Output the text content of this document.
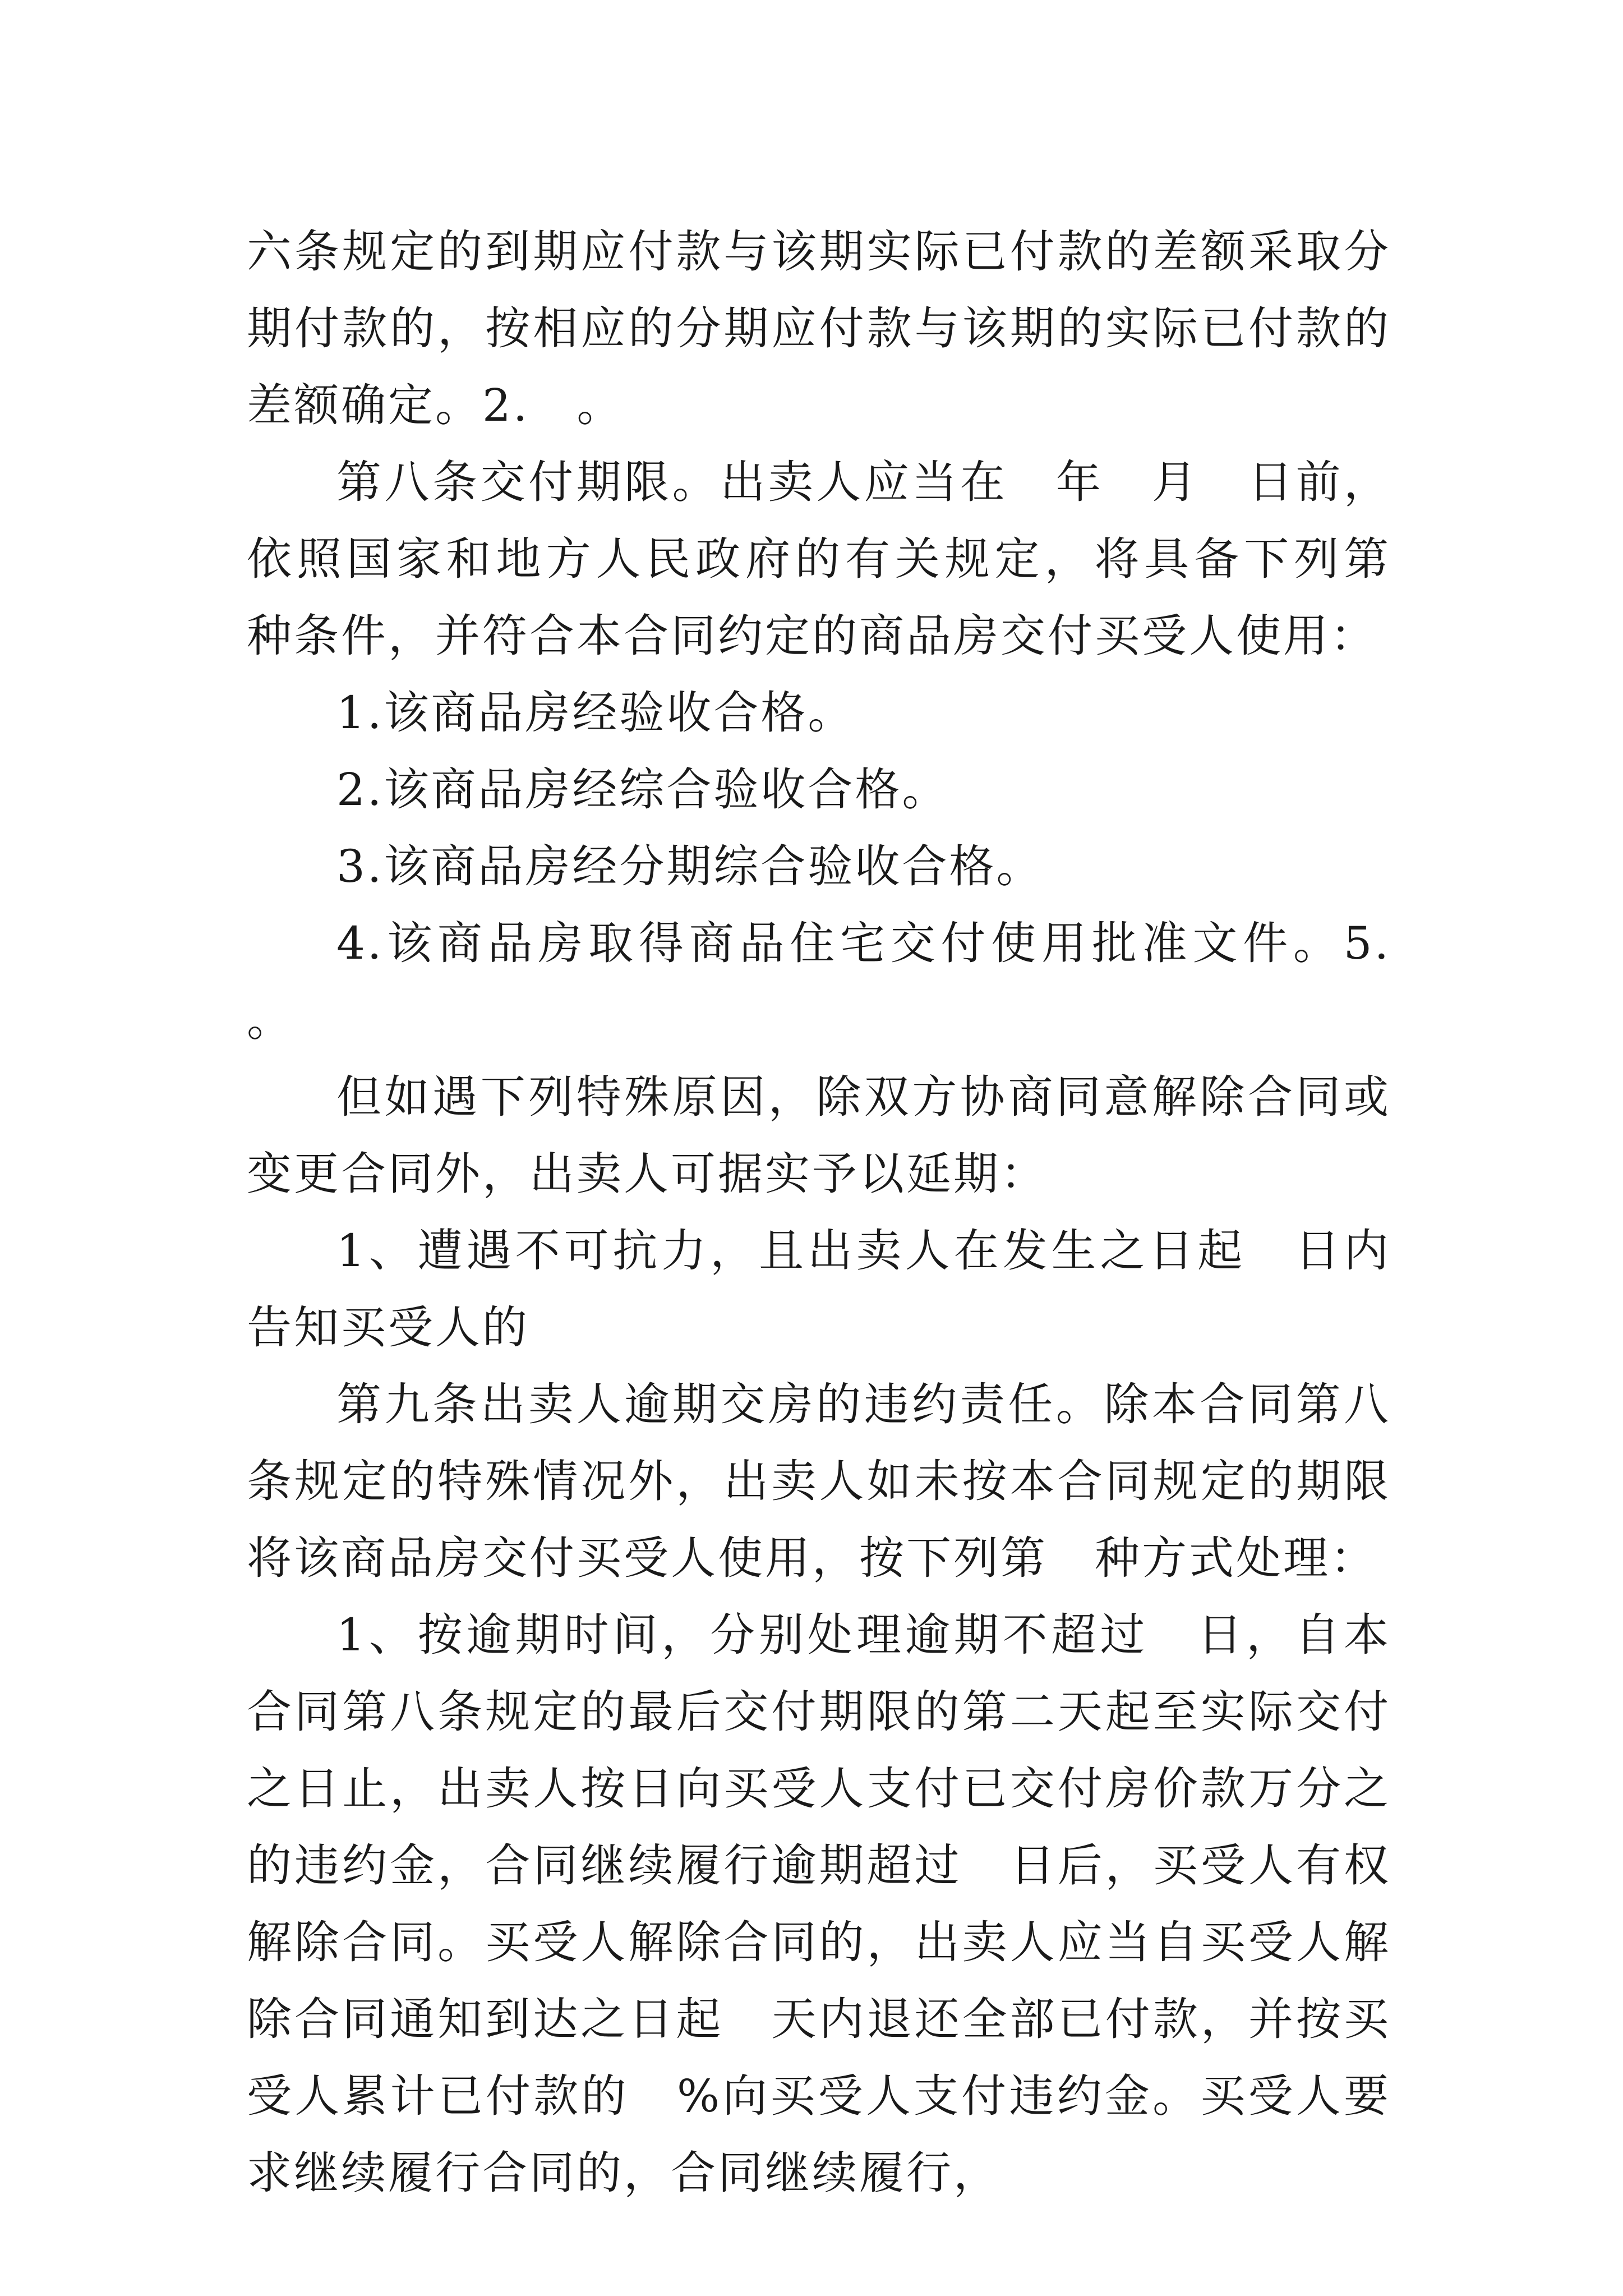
六条规定的到期应付款与该期实际已付款的差额采取分期付款的，按相应的分期应付款与该期的实际已付款的差额确定。2.　。

第八条交付期限。出卖人应当在　年　月　日前，依照国家和地方人民政府的有关规定，将具备下列第　种条件，并符合本合同约定的商品房交付买受人使用：

1.该商品房经验收合格。

2.该商品房经综合验收合格。

3.该商品房经分期综合验收合格。

4.该商品房取得商品住宅交付使用批准文件。5.　。

但如遇下列特殊原因，除双方协商同意解除合同或变更合同外，出卖人可据实予以延期：

1、遭遇不可抗力，且出卖人在发生之日起　日内告知买受人的

第九条出卖人逾期交房的违约责任。除本合同第八条规定的特殊情况外，出卖人如未按本合同规定的期限将该商品房交付买受人使用，按下列第　种方式处理：

1、按逾期时间，分别处理逾期不超过　日，自本合同第八条规定的最后交付期限的第二天起至实际交付之日止，出卖人按日向买受人支付已交付房价款万分之　的违约金，合同继续履行逾期超过　日后，买受人有权解除合同。买受人解除合同的，出卖人应当自买受人解除合同通知到达之日起　天内退还全部已付款，并按买受人累计已付款的　%向买受人支付违约金。买受人要求继续履行合同的，合同继续履行，
